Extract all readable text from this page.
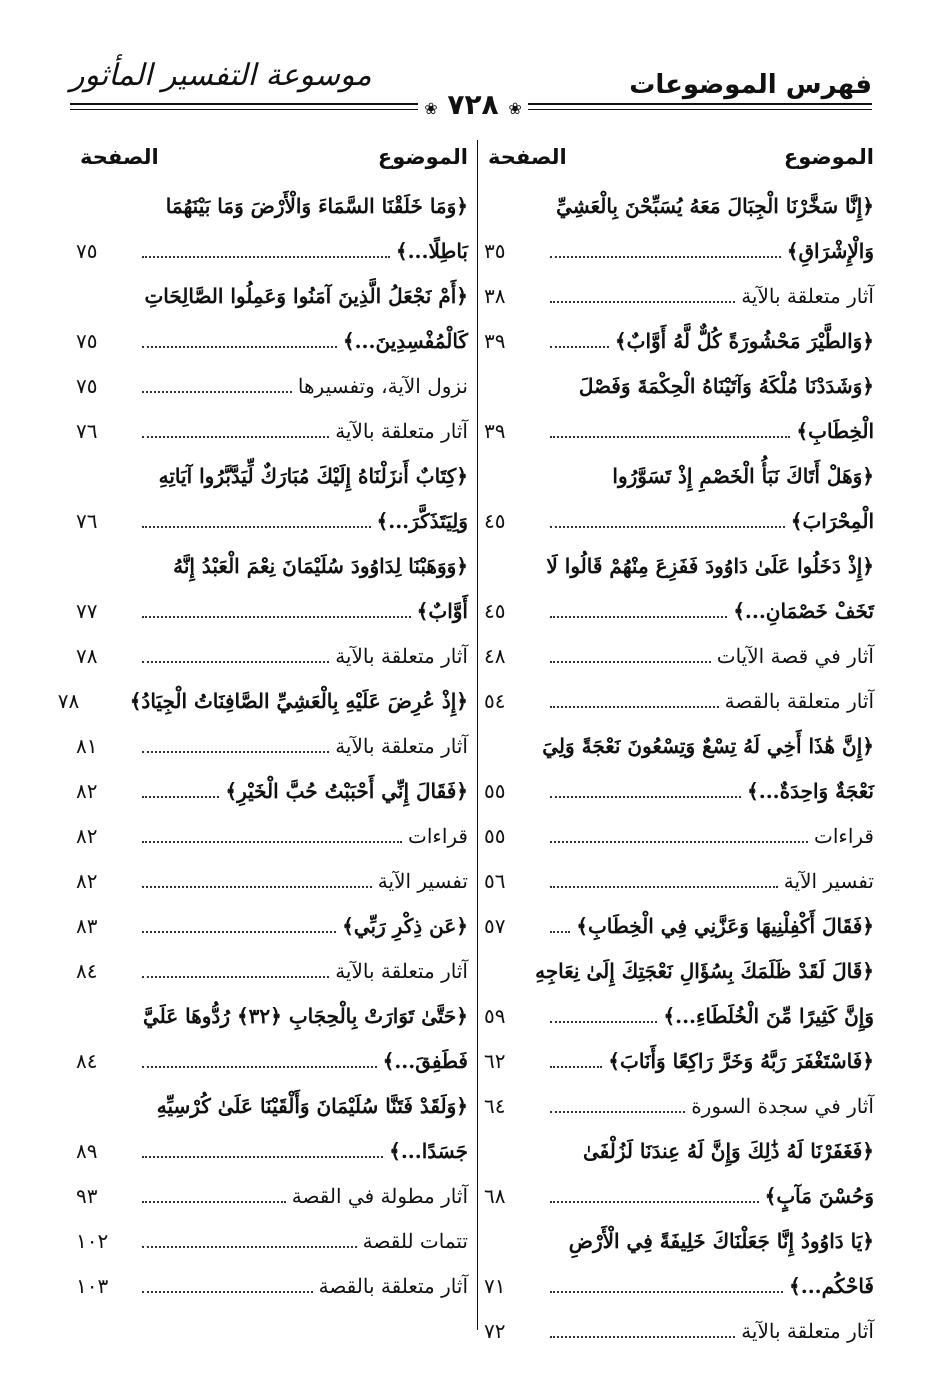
فهرس الموضوعات
موسوعة التفسير المأثور
❀ ٧٢٨ ❀
الموضوع
الصفحة
﴿إِنَّا سَخَّرْنَا الْجِبَالَ مَعَهُ يُسَبِّحْنَ بِالْعَشِيِّ
وَالْإِشْرَاقِ﴾
٣٥
آثار متعلقة بالآية
٣٨
﴿وَالطَّيْرَ مَحْشُورَةً كُلٌّ لَّهُ أَوَّابٌ﴾
٣٩
﴿وَشَدَدْنَا مُلْكَهُ وَآتَيْنَاهُ الْحِكْمَةَ وَفَصْلَ
الْخِطَابِ﴾
٣٩
﴿وَهَلْ أَتَاكَ نَبَأُ الْخَصْمِ إِذْ تَسَوَّرُوا
الْمِحْرَابَ﴾
٤٥
﴿إِذْ دَخَلُوا عَلَىٰ دَاوُودَ فَفَزِعَ مِنْهُمْ قَالُوا لَا
تَخَفْ خَصْمَانِ...﴾
٤٥
آثار في قصة الآيات
٤٨
آثار متعلقة بالقصة
٥٤
﴿إِنَّ هَٰذَا أَخِي لَهُ تِسْعٌ وَتِسْعُونَ نَعْجَةً وَلِيَ
نَعْجَةٌ وَاحِدَةٌ...﴾
٥٥
قراءات
٥٥
تفسير الآية
٥٦
﴿فَقَالَ أَكْفِلْنِيهَا وَعَزَّنِي فِي الْخِطَابِ﴾
٥٧
﴿قَالَ لَقَدْ ظَلَمَكَ بِسُؤَالِ نَعْجَتِكَ إِلَىٰ نِعَاجِهِ
وَإِنَّ كَثِيرًا مِّنَ الْخُلَطَاءِ...﴾
٥٩
﴿فَاسْتَغْفَرَ رَبَّهُ وَخَرَّ رَاكِعًا وَأَنَابَ﴾
٦٢
آثار في سجدة السورة
٦٤
﴿فَغَفَرْنَا لَهُ ذَٰلِكَ وَإِنَّ لَهُ عِندَنَا لَزُلْفَىٰ
وَحُسْنَ مَآبٍ﴾
٦٨
﴿يَا دَاوُودُ إِنَّا جَعَلْنَاكَ خَلِيفَةً فِي الْأَرْضِ
فَاحْكُم...﴾
٧١
آثار متعلقة بالآية
٧٢
الموضوع
الصفحة
﴿وَمَا خَلَقْنَا السَّمَاءَ وَالْأَرْضَ وَمَا بَيْنَهُمَا
بَاطِلًا...﴾
٧٥
﴿أَمْ نَجْعَلُ الَّذِينَ آمَنُوا وَعَمِلُوا الصَّالِحَاتِ
كَالْمُفْسِدِينَ...﴾
٧٥
نزول الآية، وتفسيرها
٧٥
آثار متعلقة بالآية
٧٦
﴿كِتَابٌ أَنزَلْنَاهُ إِلَيْكَ مُبَارَكٌ لِّيَدَّبَّرُوا آيَاتِهِ
وَلِيَتَذَكَّرَ...﴾
٧٦
﴿وَوَهَبْنَا لِدَاوُودَ سُلَيْمَانَ نِعْمَ الْعَبْدُ إِنَّهُ
أَوَّابٌ﴾
٧٧
آثار متعلقة بالآية
٧٨
﴿إِذْ عُرِضَ عَلَيْهِ بِالْعَشِيِّ الصَّافِنَاتُ الْجِيَادُ﴾
٧٨
آثار متعلقة بالآية
٨١
﴿فَقَالَ إِنِّي أَحْبَبْتُ حُبَّ الْخَيْرِ﴾
٨٢
قراءات
٨٢
تفسير الآية
٨٢
﴿عَن ذِكْرِ رَبِّي﴾
٨٣
آثار متعلقة بالآية
٨٤
﴿حَتَّىٰ تَوَارَتْ بِالْحِجَابِ ﴿٣٢﴾ رُدُّوهَا عَلَيَّ
فَطَفِقَ...﴾
٨٤
﴿وَلَقَدْ فَتَنَّا سُلَيْمَانَ وَأَلْقَيْنَا عَلَىٰ كُرْسِيِّهِ
جَسَدًا...﴾
٨٩
آثار مطولة في القصة
٩٣
تتمات للقصة
١٠٢
آثار متعلقة بالقصة
١٠٣
